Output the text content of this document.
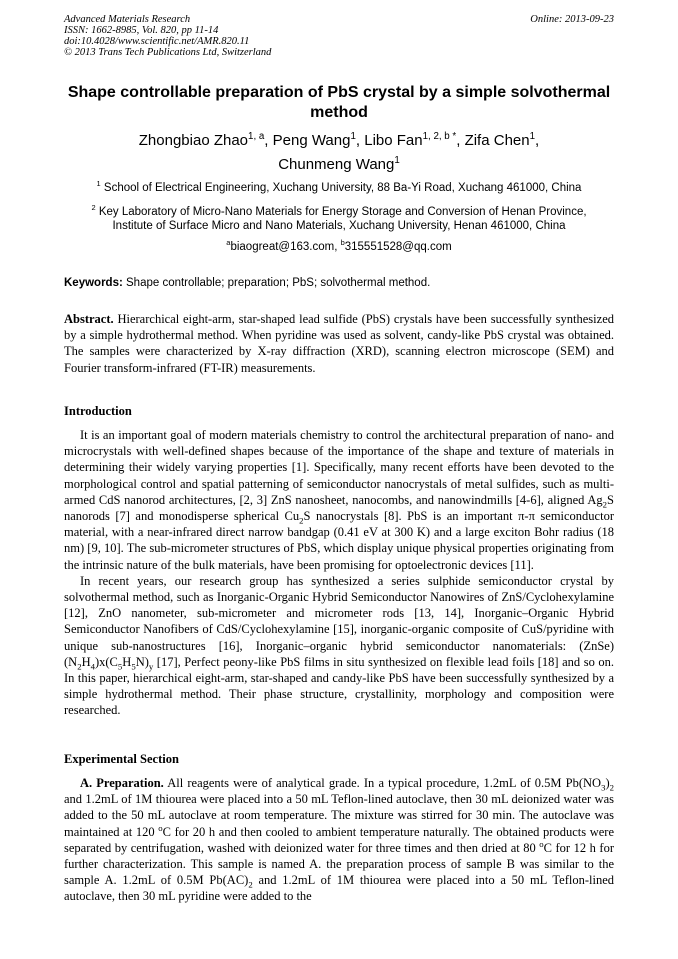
Advanced Materials Research
ISSN: 1662-8985, Vol. 820, pp 11-14
doi:10.4028/www.scientific.net/AMR.820.11
© 2013 Trans Tech Publications Ltd, Switzerland
Online: 2013-09-23
Shape controllable preparation of PbS crystal by a simple solvothermal
method
Zhongbiao Zhao$^{1, a}$, Peng Wang$^1$, Libo Fan$^{1, 2, b *}$, Zifa Chen$^1$,
Chunmeng Wang$^1$
$^1$ School of Electrical Engineering, Xuchang University, 88 Ba-Yi Road, Xuchang 461000, China
$^2$ Key Laboratory of Micro-Nano Materials for Energy Storage and Conversion of Henan Province,
Institute of Surface Micro and Nano Materials, Xuchang University, Henan 461000, China
$^a$biaogreat@163.com, $^b$315551528@qq.com
Keywords: Shape controllable; preparation; PbS; solvothermal method.
Abstract. Hierarchical eight-arm, star-shaped lead sulfide (PbS) crystals have been successfully synthesized by a simple hydrothermal method. When pyridine was used as solvent, candy-like PbS crystal was obtained. The samples were characterized by X-ray diffraction (XRD), scanning electron microscope (SEM) and Fourier transform-infrared (FT-IR) measurements.
Introduction

It is an important goal of modern materials chemistry to control the architectural preparation of nano- and microcrystals with well-defined shapes because of the importance of the shape and texture of materials in determining their widely varying properties [1]. Specifically, many recent efforts have been devoted to the morphological control and spatial patterning of semiconductor nanocrystals of metal sulfides, such as multi-armed CdS nanorod architectures, [2, 3] ZnS nanosheet, nanocombs, and nanowindmills [4-6], aligned $Ag_2S$ nanorods [7] and monodisperse spherical $Cu_2S$ nanocrystals [8]. PbS is an important π-π semiconductor material, with a near-infrared direct narrow bandgap (0.41 eV at 300 K) and a large exciton Bohr radius (18 nm) [9, 10]. The sub-micrometer structures of PbS, which display unique physical properties originating from the intrinsic nature of the bulk materials, have been promising for optoelectronic devices [11].

In recent years, our research group has synthesized a series sulphide semiconductor crystal by solvothermal method, such as Inorganic-Organic Hybrid Semiconductor Nanowires of ZnS/Cyclohexylamine [12], ZnO nanometer, sub-micrometer and micrometer rods [13, 14], Inorganic–Organic Hybrid Semiconductor Nanofibers of CdS/Cyclohexylamine [15], inorganic-organic composite of CuS/pyridine with unique sub-nanostructures [16], Inorganic–organic hybrid semiconductor nanomaterials: $(ZnSe)(N_2H_4)x(C_5H_5N)_y$ [17], Perfect peony-like PbS films in situ synthesized on flexible lead foils [18] and so on. In this paper, hierarchical eight-arm, star-shaped and candy-like PbS have been successfully synthesized by a simple hydrothermal method. Their phase structure, crystallinity, morphology and composition were researched.

Experimental Section

A. Preparation. All reagents were of analytical grade. In a typical procedure, 1.2mL of 0.5M $Pb(NO_3)_2$ and 1.2mL of 1M thiourea were placed into a 50 mL Teflon-lined autoclave, then 30 mL deionized water was added to the 50 mL autoclave at room temperature. The mixture was stirred for 30 min. The autoclave was maintained at 120 $^o$C for 20 h and then cooled to ambient temperature naturally. The obtained products were separated by centrifugation, washed with deionized water for three times and then dried at 80 $^o$C for 12 h for further characterization. This sample is named A. the preparation process of sample B was similar to the sample A. 1.2mL of 0.5M $Pb(AC)_2$ and 1.2mL of 1M thiourea were placed into a 50 mL Teflon-lined autoclave, then 30 mL pyridine were added to the
